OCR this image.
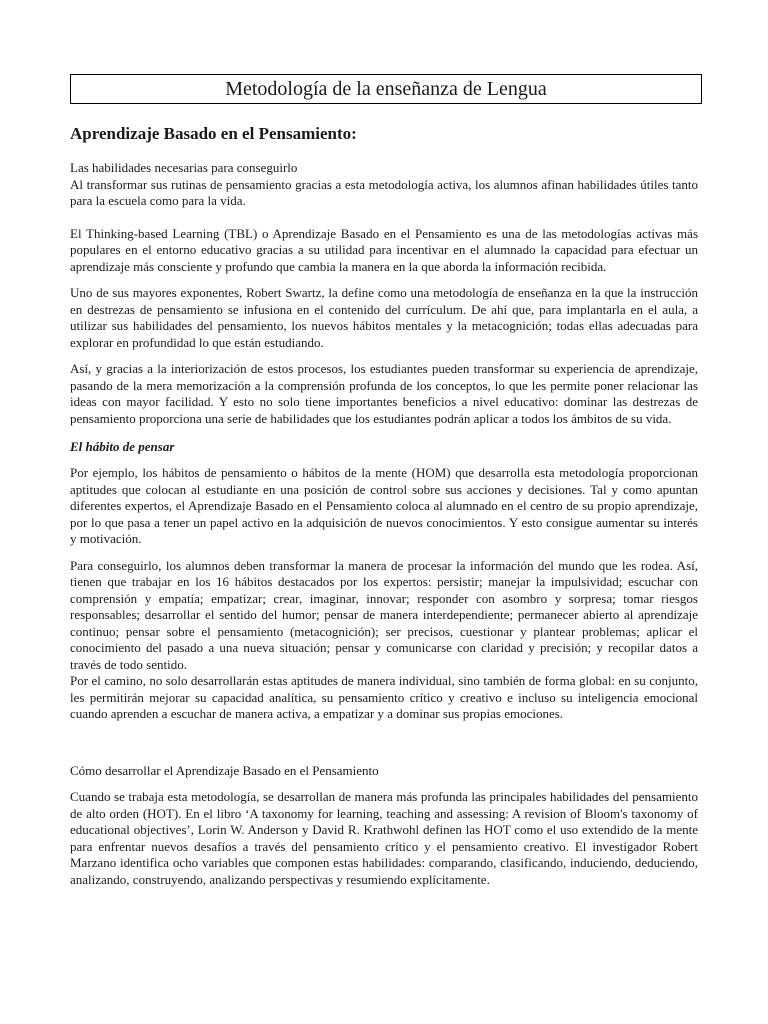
Metodología de la enseñanza de Lengua
Aprendizaje Basado en el Pensamiento:
Las habilidades necesarias para conseguirlo

Al transformar sus rutinas de pensamiento gracias a esta metodología activa, los alumnos afinan habilidades útiles tanto para la escuela como para la vida.

El Thinking-based Learning (TBL) o Aprendizaje Basado en el Pensamiento es una de las metodologías activas más populares en el entorno educativo gracias a su utilidad para incentivar en el alumnado la capacidad para efectuar un aprendizaje más consciente y profundo que cambia la manera en la que aborda la información recibida.

Uno de sus mayores exponentes, Robert Swartz, la define como una metodología de enseñanza en la que la instrucción en destrezas de pensamiento se infusiona en el contenido del currículum. De ahí que, para implantarla en el aula, a utilizar sus habilidades del pensamiento, los nuevos hábitos mentales y la metacognición; todas ellas adecuadas para explorar en profundidad lo que están estudiando.

Así, y gracias a la interiorización de estos procesos, los estudiantes pueden transformar su experiencia de aprendizaje, pasando de la mera memorización a la comprensión profunda de los conceptos, lo que les permite poner relacionar las ideas con mayor facilidad. Y esto no solo tiene importantes beneficios a nivel educativo: dominar las destrezas de pensamiento proporciona una serie de habilidades que los estudiantes podrán aplicar a todos los ámbitos de su vida.

El hábito de pensar

Por ejemplo, los hábitos de pensamiento o hábitos de la mente (HOM) que desarrolla esta metodología proporcionan aptitudes que colocan al estudiante en una posición de control sobre sus acciones y decisiones. Tal y como apuntan diferentes expertos, el Aprendizaje Basado en el Pensamiento coloca al alumnado en el centro de su propio aprendizaje, por lo que pasa a tener un papel activo en la adquisición de nuevos conocimientos. Y esto consigue aumentar su interés y motivación.

Para conseguirlo, los alumnos deben transformar la manera de procesar la información del mundo que les rodea. Así, tienen que trabajar en los 16 hábitos destacados por los expertos: persistir; manejar la impulsividad; escuchar con comprensión y empatía; empatizar; crear, imaginar, innovar; responder con asombro y sorpresa; tomar riesgos responsables; desarrollar el sentido del humor; pensar de manera interdependiente; permanecer abierto al aprendizaje continuo; pensar sobre el pensamiento (metacognición); ser precisos, cuestionar y plantear problemas; aplicar el conocimiento del pasado a una nueva situación; pensar y comunicarse con claridad y precisión; y recopilar datos a través de todo sentido.

Por el camino, no solo desarrollarán estas aptitudes de manera individual, sino también de forma global: en su conjunto, les permitirán mejorar su capacidad analítica, su pensamiento crítico y creativo e incluso su inteligencia emocional cuando aprenden a escuchar de manera activa, a empatizar y a dominar sus propias emociones.

Cómo desarrollar el Aprendizaje Basado en el Pensamiento

Cuando se trabaja esta metodología, se desarrollan de manera más profunda las principales habilidades del pensamiento de alto orden (HOT). En el libro ‘A taxonomy for learning, teaching and assessing: A revision of Bloom's taxonomy of educational objectives’, Lorin W. Anderson y David R. Krathwohl definen las HOT como el uso extendido de la mente para enfrentar nuevos desafíos a través del pensamiento crítico y el pensamiento creativo. El investigador Robert Marzano identifica ocho variables que componen estas habilidades: comparando, clasificando, induciendo, deduciendo, analizando, construyendo, analizando perspectivas y resumiendo explícitamente.
